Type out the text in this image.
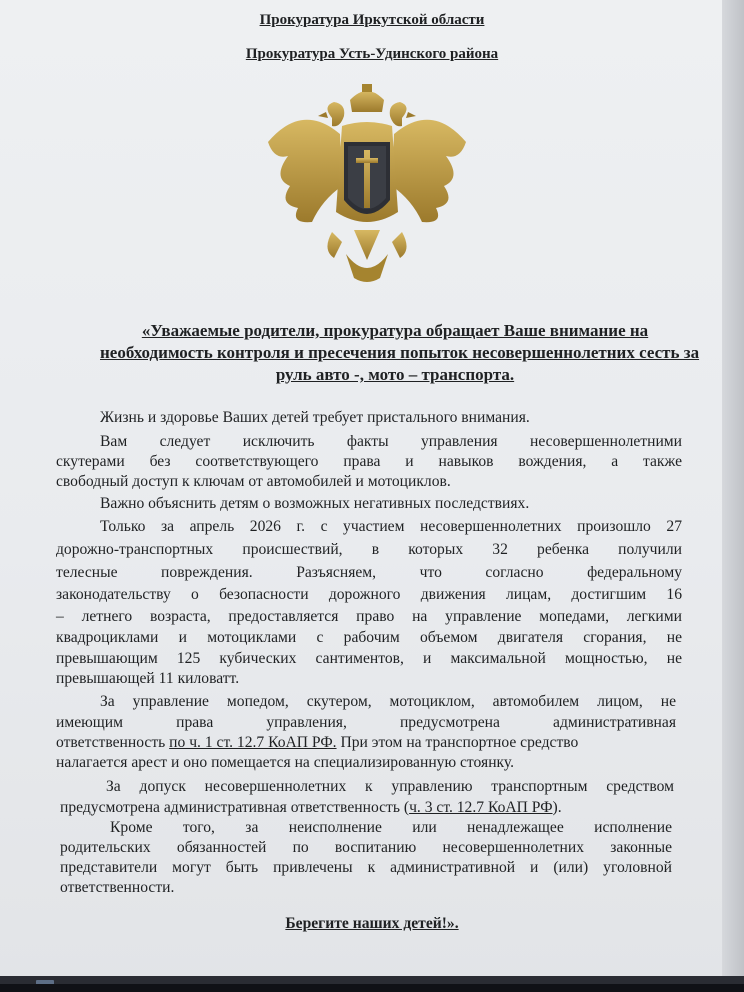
Прокуратура Иркутской области
Прокуратура Усть-Удинского района
«Уважаемые родители, прокуратура обращает Ваше внимание на
необходимость контроля и пресечения попыток несовершеннолетних сесть за
руль авто -, мото – транспорта.
Жизнь и здоровье Ваших детей требует пристального внимания.
Вам следует исключить факты управления несовершеннолетними
скутерами без соответствующего права и навыков вождения, а также
свободный доступ к ключам от автомобилей и мотоциклов.
Важно объяснить детям о возможных негативных последствиях.
Только за апрель 2026 г. с участием несовершеннолетних произошло 27
дорожно-транспортных происшествий, в которых 32 ребенка получили
телесные повреждения. Разъясняем, что согласно федеральному
законодательству о безопасности дорожного движения лицам, достигшим 16
– летнего возраста, предоставляется право на управление мопедами, легкими
квадроциклами и мотоциклами с рабочим объемом двигателя сгорания, не
превышающим 125 кубических сантиментов, и максимальной мощностью, не
превышающей 11 киловатт.
За управление мопедом, скутером, мотоциклом, автомобилем лицом, не
имеющим права управления, предусмотрена административная
ответственность по ч. 1 ст. 12.7 КоАП РФ. При этом на транспортное средство
налагается арест и оно помещается на специализированную стоянку.
За допуск несовершеннолетних к управлению транспортным средством
предусмотрена административная ответственность (ч. 3 ст. 12.7 КоАП РФ).
Кроме того, за неисполнение или ненадлежащее исполнение
родительских обязанностей по воспитанию несовершеннолетних законные
представители могут быть привлечены к административной и (или) уголовной
ответственности.
Берегите наших детей!».
